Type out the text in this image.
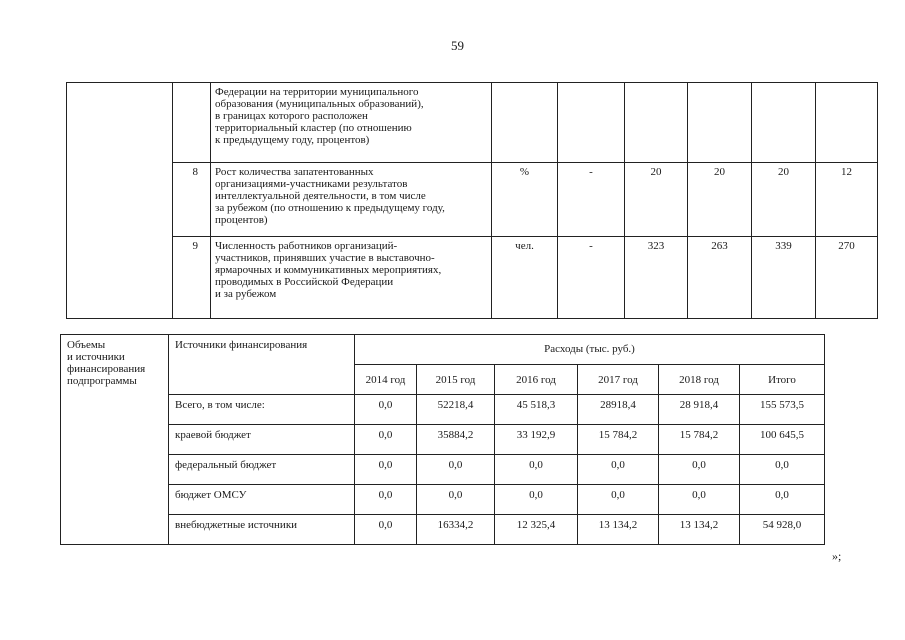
59
		Федерации на территории муниципального
образования (муниципальных образований),
в границах которого расположен
территориальный кластер (по отношению
к предыдущему году, процентов)						
	8	Рост количества запатентованных
организациями-участниками результатов
интеллектуальной деятельности, в том числе
за рубежом (по отношению к предыдущему году,
процентов)	%	-	20	20	20	12
	9	Численность работников организаций-
участников, принявших участие в выставочно-
ярмарочных и коммуникативных мероприятиях,
проводимых в Российской Федерации
и за рубежом	чел.	-	323	263	339	270
Объемы
и источники
финансирования
подпрограммы	Источники финансирования	Расходы (тыс. руб.)					
		2014 год	2015 год	2016 год	2017 год	2018 год	Итого
	Всего, в том числе:	0,0	52218,4	45 518,3	28918,4	28 918,4	155 573,5
	краевой бюджет	0,0	35884,2	33 192,9	15 784,2	15 784,2	100 645,5
	федеральный бюджет	0,0	0,0	0,0	0,0	0,0	0,0
	бюджет ОМСУ	0,0	0,0	0,0	0,0	0,0	0,0
	внебюджетные источники	0,0	16334,2	12 325,4	13 134,2	13 134,2	54 928,0
»;
